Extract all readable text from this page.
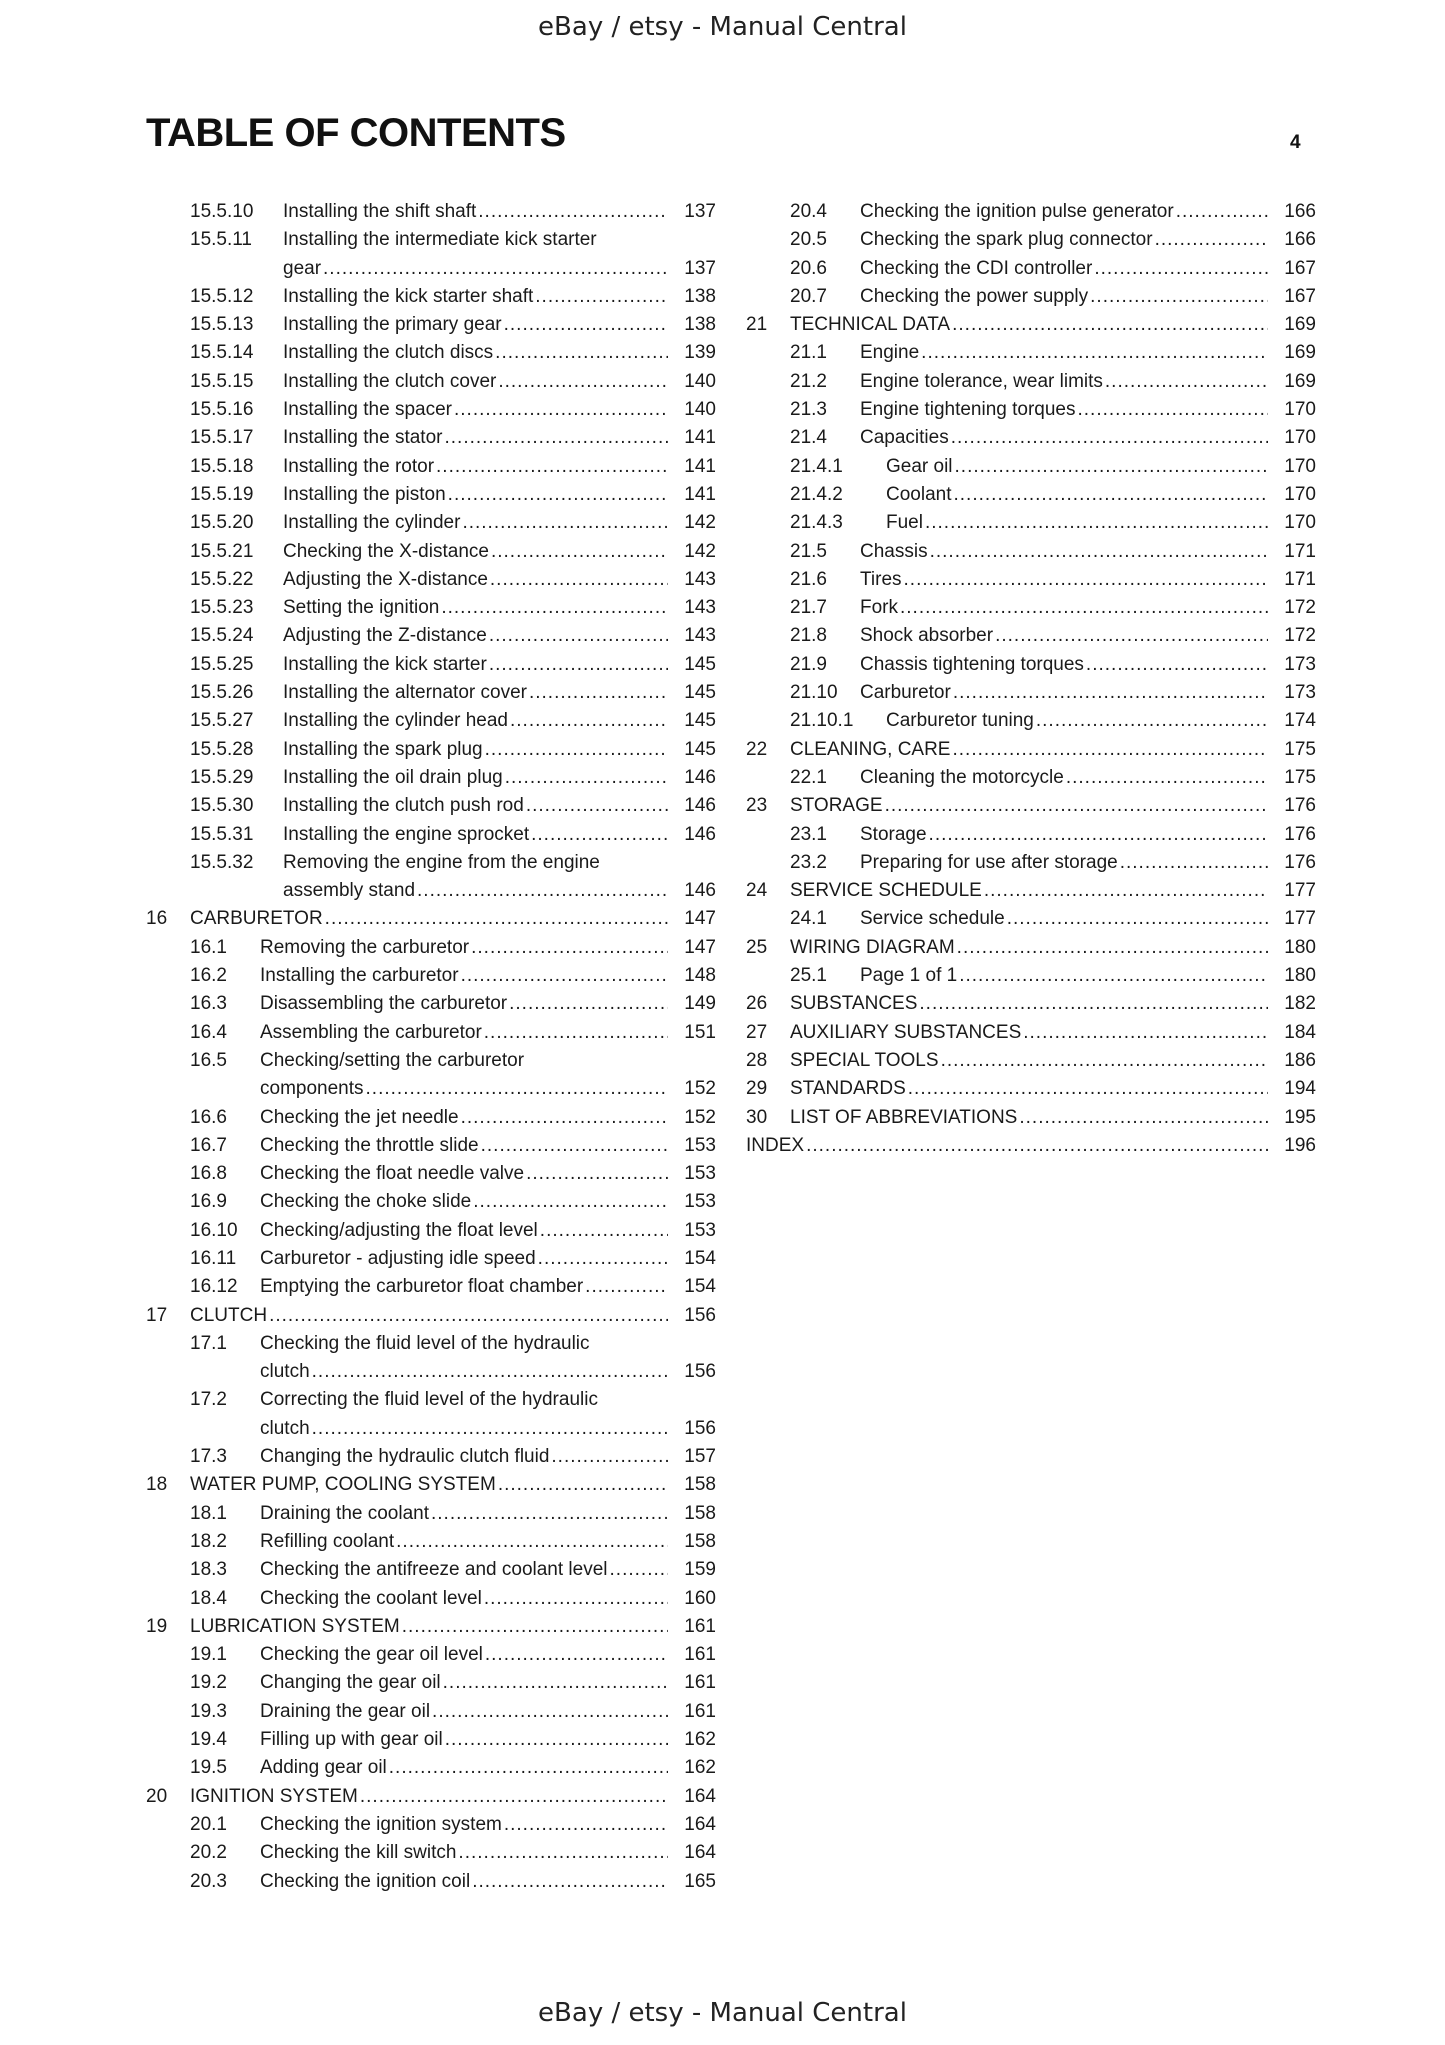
eBay / etsy - Manual Central
TABLE OF CONTENTS	4
15.5.10 Installing the shift shaft .....	137
15.5.11 Installing the intermediate kick starter
gear .....	137
15.5.12 Installing the kick starter shaft .....	138
15.5.13 Installing the primary gear .....	138
15.5.14 Installing the clutch discs .....	139
15.5.15 Installing the clutch cover .....	140
15.5.16 Installing the spacer .....	140
15.5.17 Installing the stator .....	141
15.5.18 Installing the rotor .....	141
15.5.19 Installing the piston .....	141
15.5.20 Installing the cylinder .....	142
15.5.21 Checking the X-distance .....	142
15.5.22 Adjusting the X-distance .....	143
15.5.23 Setting the ignition .....	143
15.5.24 Adjusting the Z-distance .....	143
15.5.25 Installing the kick starter .....	145
15.5.26 Installing the alternator cover .....	145
15.5.27 Installing the cylinder head .....	145
15.5.28 Installing the spark plug .....	145
15.5.29 Installing the oil drain plug .....	146
15.5.30 Installing the clutch push rod .....	146
15.5.31 Installing the engine sprocket .....	146
15.5.32 Removing the engine from the engine
assembly stand .....	146
16 CARBURETOR .....	147
16.1 Removing the carburetor .....	147
16.2 Installing the carburetor .....	148
16.3 Disassembling the carburetor .....	149
16.4 Assembling the carburetor .....	151
16.5 Checking/setting the carburetor
components .....	152
16.6 Checking the jet needle .....	152
16.7 Checking the throttle slide .....	153
16.8 Checking the float needle valve .....	153
16.9 Checking the choke slide .....	153
16.10 Checking/adjusting the float level .....	153
16.11 Carburetor - adjusting idle speed .....	154
16.12 Emptying the carburetor float chamber .....	154
17 CLUTCH .....	156
17.1 Checking the fluid level of the hydraulic
clutch .....	156
17.2 Correcting the fluid level of the hydraulic
clutch .....	156
17.3 Changing the hydraulic clutch fluid .....	157
18 WATER PUMP, COOLING SYSTEM .....	158
18.1 Draining the coolant .....	158
18.2 Refilling coolant .....	158
18.3 Checking the antifreeze and coolant level .....	159
18.4 Checking the coolant level .....	160
19 LUBRICATION SYSTEM .....	161
19.1 Checking the gear oil level .....	161
19.2 Changing the gear oil .....	161
19.3 Draining the gear oil .....	161
19.4 Filling up with gear oil .....	162
19.5 Adding gear oil .....	162
20 IGNITION SYSTEM .....	164
20.1 Checking the ignition system .....	164
20.2 Checking the kill switch .....	164
20.3 Checking the ignition coil .....	165
20.4 Checking the ignition pulse generator .....	166
20.5 Checking the spark plug connector .....	166
20.6 Checking the CDI controller .....	167
20.7 Checking the power supply .....	167
21 TECHNICAL DATA .....	169
21.1 Engine .....	169
21.2 Engine tolerance, wear limits .....	169
21.3 Engine tightening torques .....	170
21.4 Capacities .....	170
21.4.1 Gear oil .....	170
21.4.2 Coolant .....	170
21.4.3 Fuel .....	170
21.5 Chassis .....	171
21.6 Tires .....	171
21.7 Fork .....	172
21.8 Shock absorber .....	172
21.9 Chassis tightening torques .....	173
21.10 Carburetor .....	173
21.10.1 Carburetor tuning .....	174
22 CLEANING, CARE .....	175
22.1 Cleaning the motorcycle .....	175
23 STORAGE .....	176
23.1 Storage .....	176
23.2 Preparing for use after storage .....	176
24 SERVICE SCHEDULE .....	177
24.1 Service schedule .....	177
25 WIRING DIAGRAM .....	180
25.1 Page 1 of 1 .....	180
26 SUBSTANCES .....	182
27 AUXILIARY SUBSTANCES .....	184
28 SPECIAL TOOLS .....	186
29 STANDARDS .....	194
30 LIST OF ABBREVIATIONS .....	195
INDEX .....	196
eBay / etsy - Manual Central
